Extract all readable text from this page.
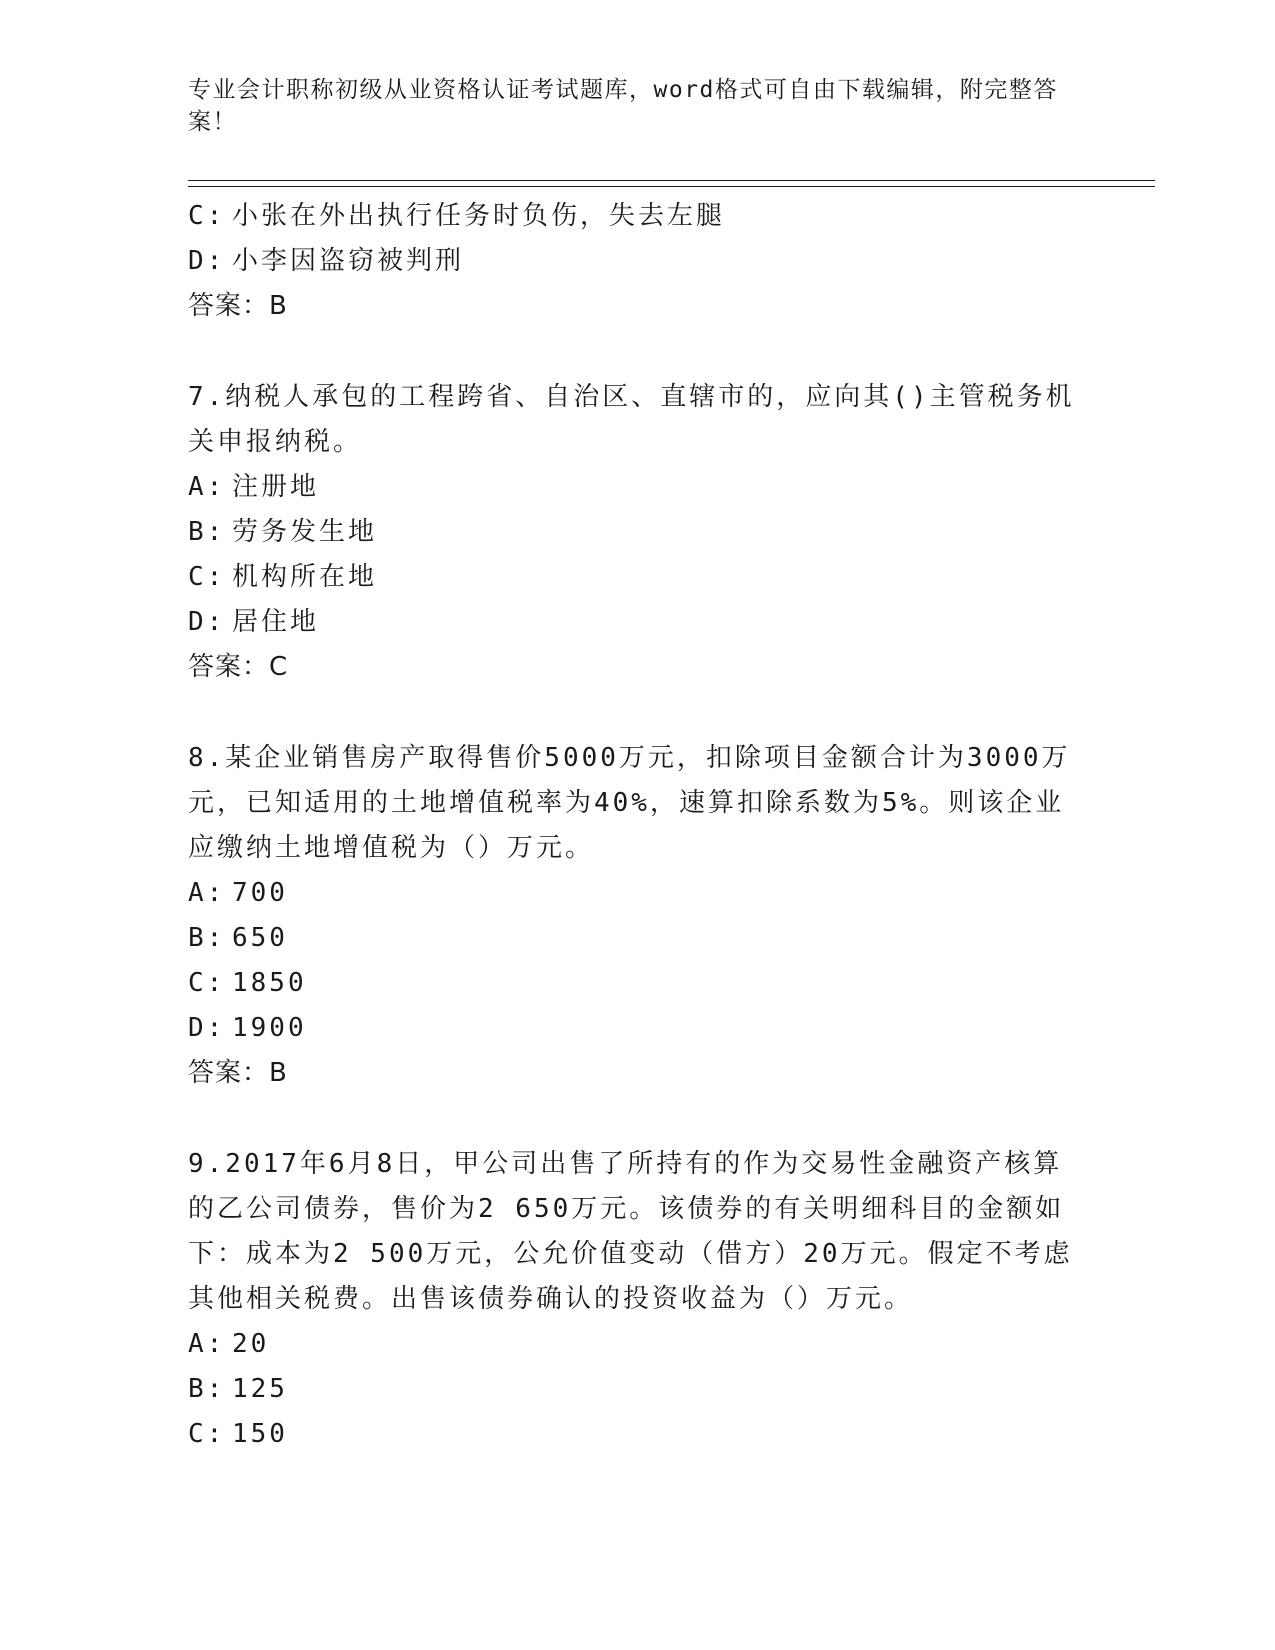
专业会计职称初级从业资格认证考试题库，word格式可自由下载编辑，附完整答案！
C: 小张在外出执行任务时负伤，失去左腿
D: 小李因盗窃被判刑
答案：B
7.纳税人承包的工程跨省、自治区、直辖市的，应向其()主管税务机
关申报纳税。
A: 注册地
B: 劳务发生地
C: 机构所在地
D: 居住地
答案：C
8.某企业销售房产取得售价5000万元，扣除项目金额合计为3000万
元，已知适用的土地增值税率为40%，速算扣除系数为5%。则该企业
应缴纳土地增值税为（）万元。
A: 700
B: 650
C: 1850
D: 1900
答案：B
9.2017年6月8日，甲公司出售了所持有的作为交易性金融资产核算
的乙公司债券，售价为2 650万元。该债券的有关明细科目的金额如
下：成本为2 500万元，公允价值变动（借方）20万元。假定不考虑
其他相关税费。出售该债券确认的投资收益为（）万元。
A: 20
B: 125
C: 150
